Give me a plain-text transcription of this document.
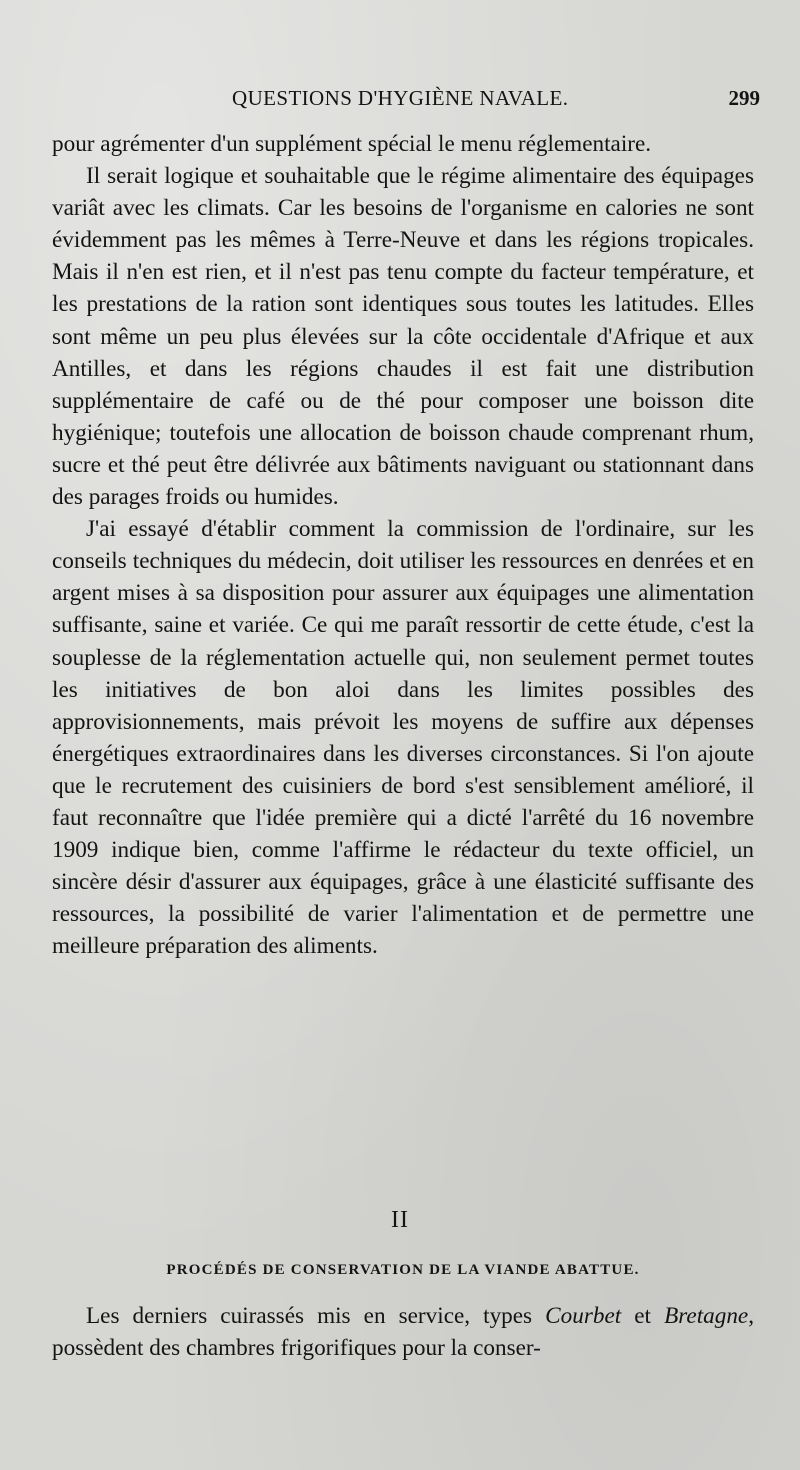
QUESTIONS D'HYGIÈNE NAVALE.	299

pour agrémenter d'un supplément spécial le menu réglementaire.

Il serait logique et souhaitable que le régime alimentaire des équipages variât avec les climats. Car les besoins de l'organisme en calories ne sont évidemment pas les mêmes à Terre-Neuve et dans les régions tropicales. Mais il n'en est rien, et il n'est pas tenu compte du facteur température, et les prestations de la ration sont identiques sous toutes les latitudes. Elles sont même un peu plus élevées sur la côte occidentale d'Afrique et aux Antilles, et dans les régions chaudes il est fait une distribution supplémentaire de café ou de thé pour composer une boisson dite hygiénique; toutefois une allocation de boisson chaude comprenant rhum, sucre et thé peut être délivrée aux bâtiments naviguant ou stationnant dans des parages froids ou humides.

J'ai essayé d'établir comment la commission de l'ordinaire, sur les conseils techniques du médecin, doit utiliser les ressources en denrées et en argent mises à sa disposition pour assurer aux équipages une alimentation suffisante, saine et variée. Ce qui me paraît ressortir de cette étude, c'est la souplesse de la réglementation actuelle qui, non seulement permet toutes les initiatives de bon aloi dans les limites possibles des approvisionnements, mais prévoit les moyens de suffire aux dépenses énergétiques extraordinaires dans les diverses circonstances. Si l'on ajoute que le recrutement des cuisiniers de bord s'est sensiblement amélioré, il faut reconnaître que l'idée première qui a dicté l'arrêté du 16 novembre 1909 indique bien, comme l'affirme le rédacteur du texte officiel, un sincère désir d'assurer aux équipages, grâce à une élasticité suffisante des ressources, la possibilité de varier l'alimentation et de permettre une meilleure préparation des aliments.

II
PROCÉDÉS DE CONSERVATION DE LA VIANDE ABATTUE.

Les derniers cuirassés mis en service, types Courbet et Bretagne, possèdent des chambres frigorifiques pour la conser-
